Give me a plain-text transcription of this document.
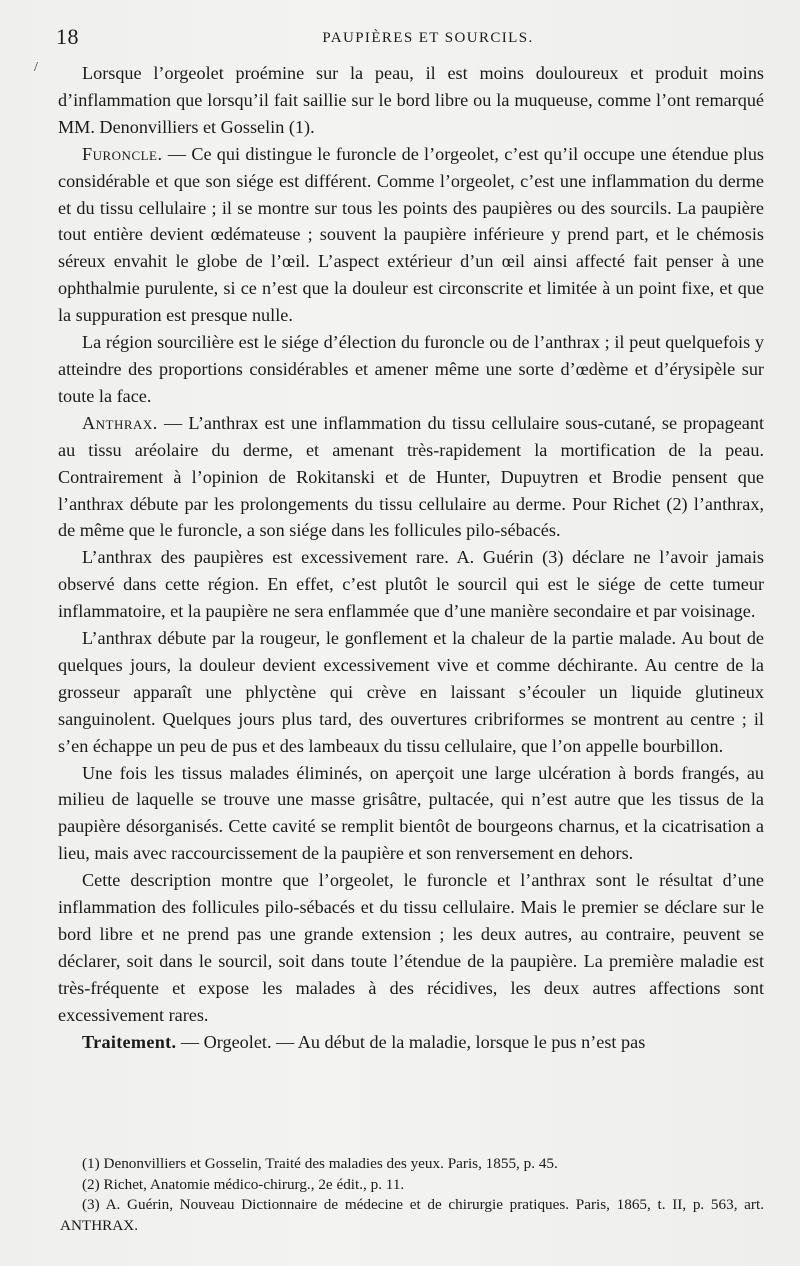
18	PAUPIÈRES ET SOURCILS.
/	Lorsque l’orgeolet proémine sur la peau, il est moins douloureux et produit moins d’inflammation que lorsqu’il fait saillie sur le bord libre ou la muqueuse, comme l’ont remarqué MM. Denonvilliers et Gosselin (1).

Furoncle. — Ce qui distingue le furoncle de l’orgeolet, c’est qu’il occupe une étendue plus considérable et que son siége est différent. Comme l’orgeolet, c’est une inflammation du derme et du tissu cellulaire ; il se montre sur tous les points des paupières ou des sourcils. La paupière tout entière devient œdémateuse ; souvent la paupière inférieure y prend part, et le chémosis séreux envahit le globe de l’œil. L’aspect extérieur d’un œil ainsi affecté fait penser à une ophthalmie purulente, si ce n’est que la douleur est circonscrite et limitée à un point fixe, et que la suppuration est presque nulle.

La région sourcilière est le siége d’élection du furoncle ou de l’anthrax ; il peut quelquefois y atteindre des proportions considérables et amener même une sorte d’œdème et d’érysipèle sur toute la face.

Anthrax. — L’anthrax est une inflammation du tissu cellulaire sous-cutané, se propageant au tissu aréolaire du derme, et amenant très-rapidement la mortification de la peau. Contrairement à l’opinion de Rokitanski et de Hunter, Dupuytren et Brodie pensent que l’anthrax débute par les prolongements du tissu cellulaire au derme. Pour Richet (2) l’anthrax, de même que le furoncle, a son siége dans les follicules pilo-sébacés.

L’anthrax des paupières est excessivement rare. A. Guérin (3) déclare ne l’avoir jamais observé dans cette région. En effet, c’est plutôt le sourcil qui est le siége de cette tumeur inflammatoire, et la paupière ne sera enflammée que d’une manière secondaire et par voisinage.

L’anthrax débute par la rougeur, le gonflement et la chaleur de la partie malade. Au bout de quelques jours, la douleur devient excessivement vive et comme déchirante. Au centre de la grosseur apparaît une phlyctène qui crève en laissant s’écouler un liquide glutineux sanguinolent. Quelques jours plus tard, des ouvertures cribriformes se montrent au centre ; il s’en échappe un peu de pus et des lambeaux du tissu cellulaire, que l’on appelle bourbillon.

Une fois les tissus malades éliminés, on aperçoit une large ulcération à bords frangés, au milieu de laquelle se trouve une masse grisâtre, pultacée, qui n’est autre que les tissus de la paupière désorganisés. Cette cavité se remplit bientôt de bourgeons charnus, et la cicatrisation a lieu, mais avec raccourcissement de la paupière et son renversement en dehors.

Cette description montre que l’orgeolet, le furoncle et l’anthrax sont le résultat d’une inflammation des follicules pilo-sébacés et du tissu cellulaire. Mais le premier se déclare sur le bord libre et ne prend pas une grande extension ; les deux autres, au contraire, peuvent se déclarer, soit dans le sourcil, soit dans toute l’étendue de la paupière. La première maladie est très-fréquente et expose les malades à des récidives, les deux autres affections sont excessivement rares.

Traitement. — Orgeolet. — Au début de la maladie, lorsque le pus n’est pas

(1) Denonvilliers et Gosselin, Traité des maladies des yeux. Paris, 1855, p. 45.

(2) Richet, Anatomie médico-chirurg., 2e édit., p. 11.

(3) A. Guérin, Nouveau Dictionnaire de médecine et de chirurgie pratiques. Paris, 1865, t. II, p. 563, art. ANTHRAX.
